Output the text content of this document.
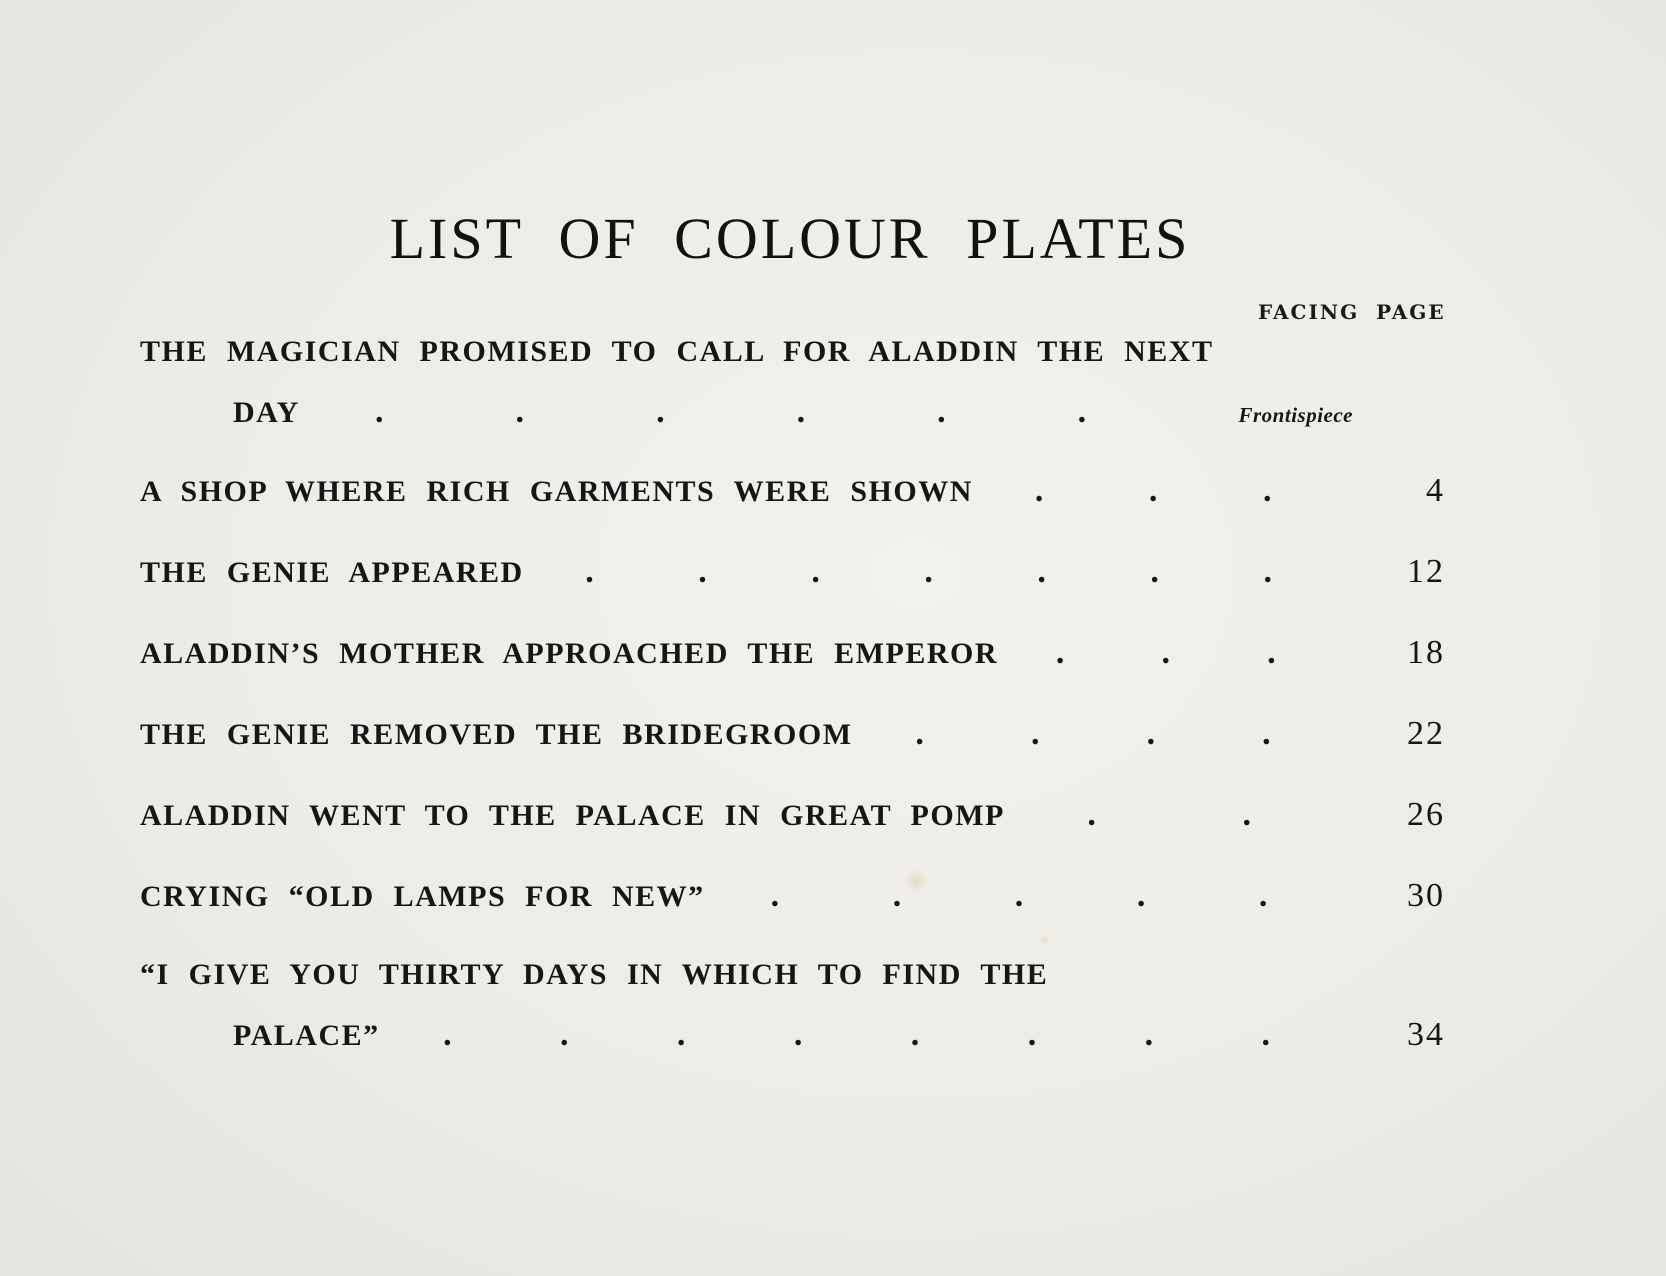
LIST OF COLOUR PLATES
FACING PAGE
THE MAGICIAN PROMISED TO CALL FOR ALADDIN THE NEXT
DAY .	.	.	.	.	.	Frontispiece
A SHOP WHERE RICH GARMENTS WERE SHOWN .	.	.	4
THE GENIE APPEARED .	.	.	.	.	.	.	12
ALADDIN’S MOTHER APPROACHED THE EMPEROR .	.	.	18
THE GENIE REMOVED THE BRIDEGROOM .	.	.	.	22
ALADDIN WENT TO THE PALACE IN GREAT POMP .	.	26
CRYING “OLD LAMPS FOR NEW” .	.	.	.	.	30
“I GIVE YOU THIRTY DAYS IN WHICH TO FIND THE
PALACE” .	.	.	.	.	.	.	.	34
